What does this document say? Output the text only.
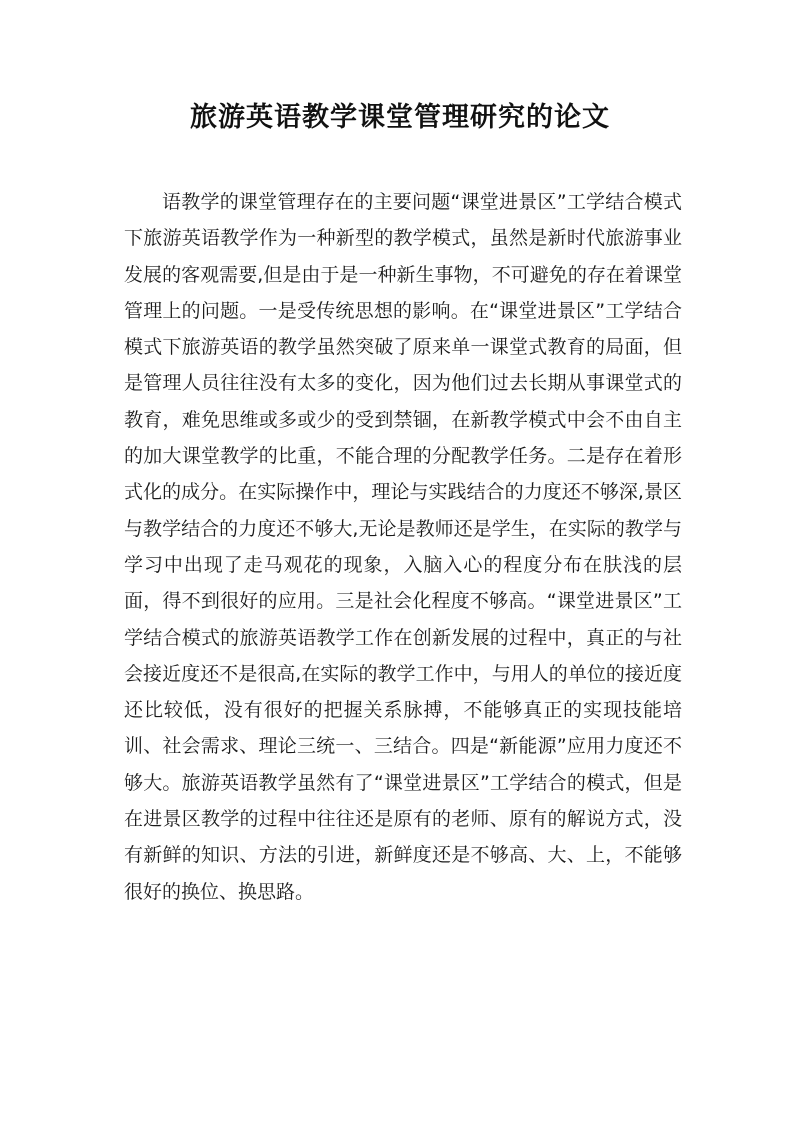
旅游英语教学课堂管理研究的论文

语教学的课堂管理存在的主要问题“课堂进景区”工学结合模式下旅游英语教学作为一种新型的教学模式，虽然是新时代旅游事业发展的客观需要,但是由于是一种新生事物，不可避免的存在着课堂管理上的问题。一是受传统思想的影响。在“课堂进景区”工学结合模式下旅游英语的教学虽然突破了原来单一课堂式教育的局面，但是管理人员往往没有太多的变化，因为他们过去长期从事课堂式的教育，难免思维或多或少的受到禁锢，在新教学模式中会不由自主的加大课堂教学的比重，不能合理的分配教学任务。二是存在着形式化的成分。在实际操作中，理论与实践结合的力度还不够深,景区与教学结合的力度还不够大,无论是教师还是学生，在实际的教学与学习中出现了走马观花的现象，入脑入心的程度分布在肤浅的层面，得不到很好的应用。三是社会化程度不够高。“课堂进景区”工学结合模式的旅游英语教学工作在创新发展的过程中，真正的与社会接近度还不是很高,在实际的教学工作中，与用人的单位的接近度还比较低，没有很好的把握关系脉搏，不能够真正的实现技能培训、社会需求、理论三统一、三结合。四是“新能源”应用力度还不够大。旅游英语教学虽然有了“课堂进景区”工学结合的模式，但是在进景区教学的过程中往往还是原有的老师、原有的解说方式，没有新鲜的知识、方法的引进，新鲜度还是不够高、大、上，不能够很好的换位、换思路。
